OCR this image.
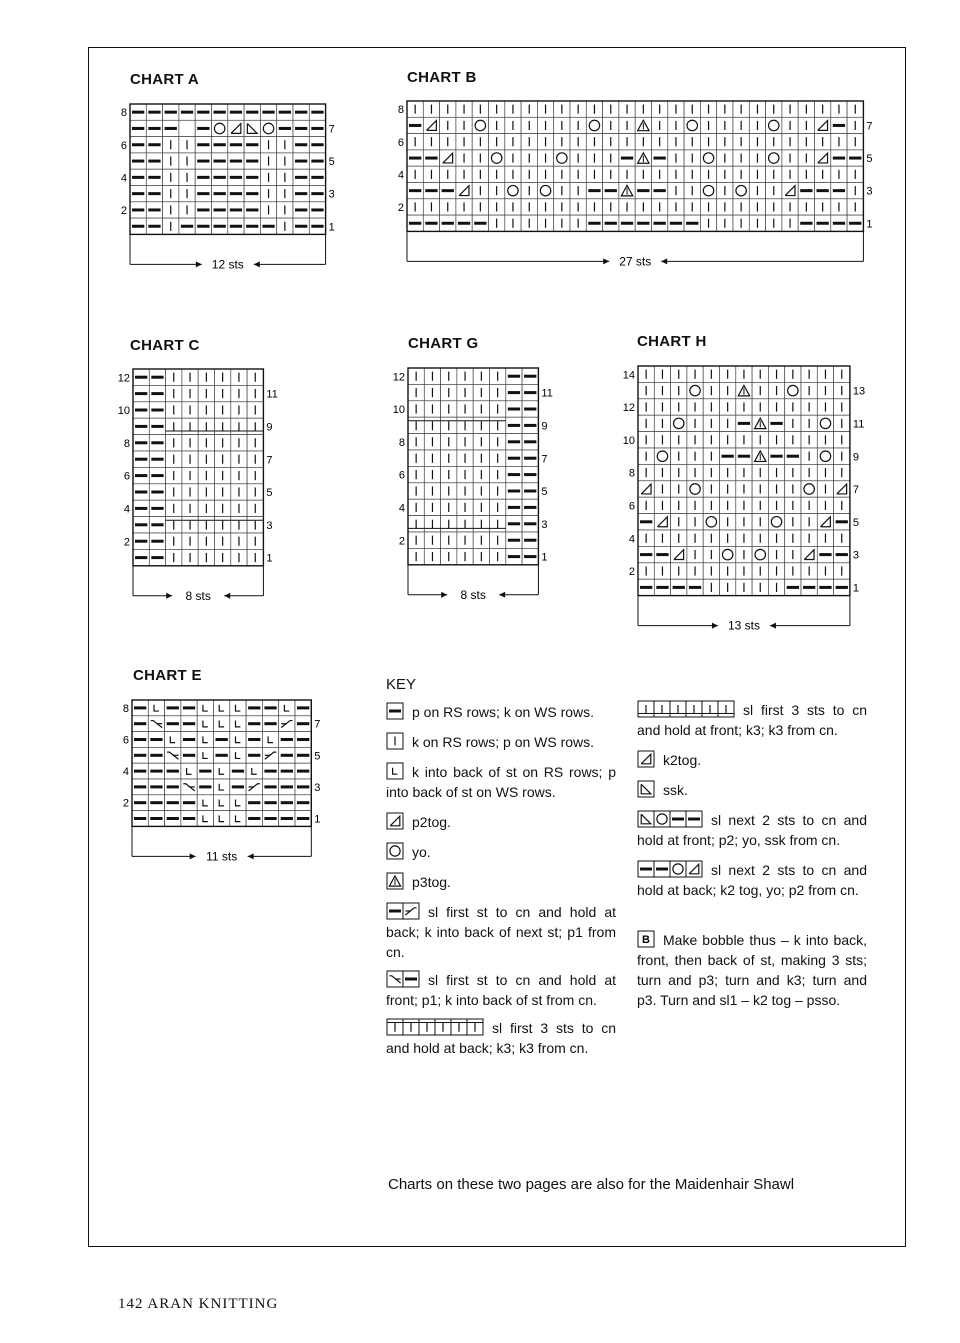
CHART A
8
6
4
2
7
5
3
1
12 sts
CHART B
8
6
4
2
7
5
3
1
27 sts
CHART C
12
10
8
6
4
2
11
9
7
5
3
1
8 sts
CHART G
12
10
8
6
4
2
11
9
7
5
3
1
8 sts
CHART H
14
12
10
8
6
4
2
13
11
9
7
5
3
1
13 sts
CHART E
8
6
4
2
7
5
3
1
11 sts
KEY
p on RS rows; k on WS rows.
k on RS rows; p on WS rows.
k into back of st on RS rows; p into back of st on WS rows.
p2tog.
yo.
p3tog.
sl first st to cn and hold at back; k into back of next st; p1 from cn.
sl first st to cn and hold at front; p1; k into back of st from cn.
sl first 3 sts to cn and hold at back; k3; k3 from cn.
sl first 3 sts to cn and hold at front; k3; k3 from cn.
k2tog.
ssk.
sl next 2 sts to cn and hold at front; p2; yo, ssk from cn.
sl next 2 sts to cn and hold at back; k2 tog, yo; p2 from cn.
B Make bobble thus – k into back, front, then back of st, making 3 sts; turn and p3; turn and k3; turn and p3. Turn and sl1 – k2 tog – psso.
Charts on these two pages are also for the Maidenhair Shawl
142 ARAN KNITTING
